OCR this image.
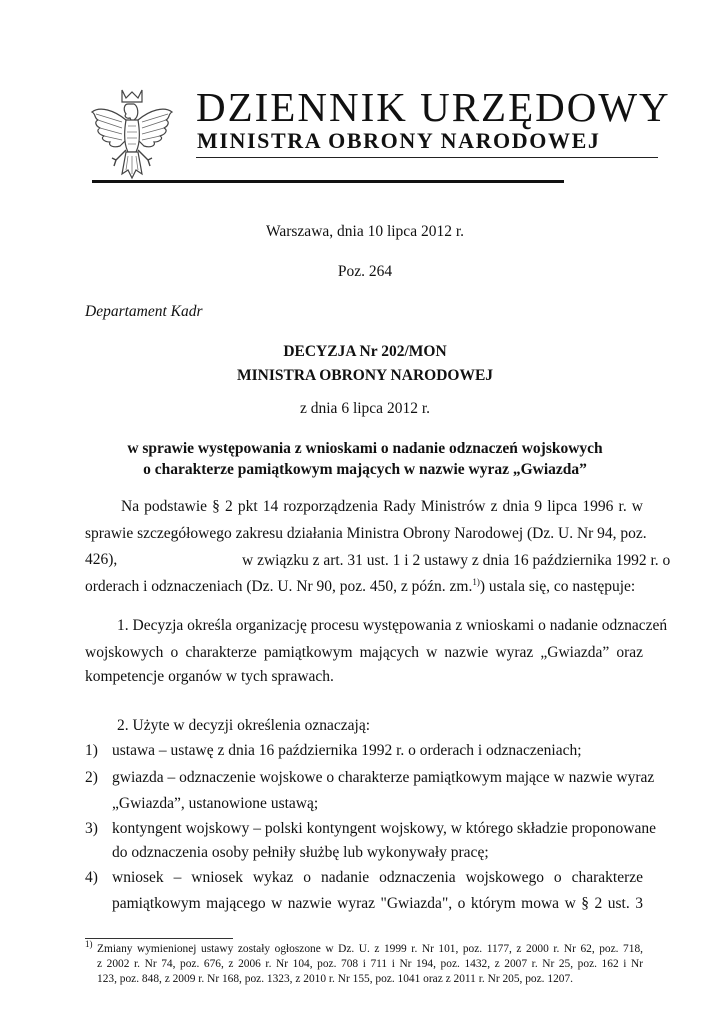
DZIENNIK URZĘDOWY
MINISTRA OBRONY NARODOWEJ
Warszawa, dnia 10 lipca 2012 r.
Poz. 264
Departament Kadr
DECYZJA Nr 202/MON
MINISTRA OBRONY NARODOWEJ
z dnia 6 lipca 2012 r.
w sprawie występowania z wnioskami o nadanie odznaczeń wojskowych
o charakterze pamiątkowym mających w nazwie wyraz „Gwiazda”
Na podstawie § 2 pkt 14 rozporządzenia Rady Ministrów z dnia 9 lipca 1996 r. w
sprawie szczegółowego zakresu działania Ministra Obrony Narodowej (Dz. U. Nr 94, poz.
426),	w związku z art. 31 ust. 1 i 2 ustawy z dnia 16 października 1992 r. o
orderach i odznaczeniach (Dz. U. Nr 90, poz. 450, z późn. zm.$^{1)}$) ustala się, co następuje:
1. Decyzja określa organizację procesu występowania z wnioskami o nadanie odznaczeń
wojskowych o charakterze pamiątkowym mających w nazwie wyraz „Gwiazda” oraz
kompetencje organów w tych sprawach.
2. Użyte w decyzji określenia oznaczają:
1) ustawa – ustawę z dnia 16 października 1992 r. o orderach i odznaczeniach;
2) gwiazda – odznaczenie wojskowe o charakterze pamiątkowym mające w nazwie wyraz
„Gwiazda”, ustanowione ustawą;
3) kontyngent wojskowy – polski kontyngent wojskowy, w którego składzie proponowane
do odznaczenia osoby pełniły służbę lub wykonywały pracę;
4) wniosek – wniosek wykaz o nadanie odznaczenia wojskowego o charakterze
pamiątkowym mającego w nazwie wyraz "Gwiazda", o którym mowa w § 2 ust. 3
$^{1)}$ Zmiany wymienionej ustawy zostały ogłoszone w Dz. U. z 1999 r. Nr 101, poz. 1177, z 2000 r. Nr 62, poz. 718,
z 2002 r. Nr 74, poz. 676, z 2006 r. Nr 104, poz. 708 i 711 i Nr 194, poz. 1432, z 2007 r. Nr 25, poz. 162 i Nr
123, poz. 848, z 2009 r. Nr 168, poz. 1323, z 2010 r. Nr 155, poz. 1041 oraz z 2011 r. Nr 205, poz. 1207.
